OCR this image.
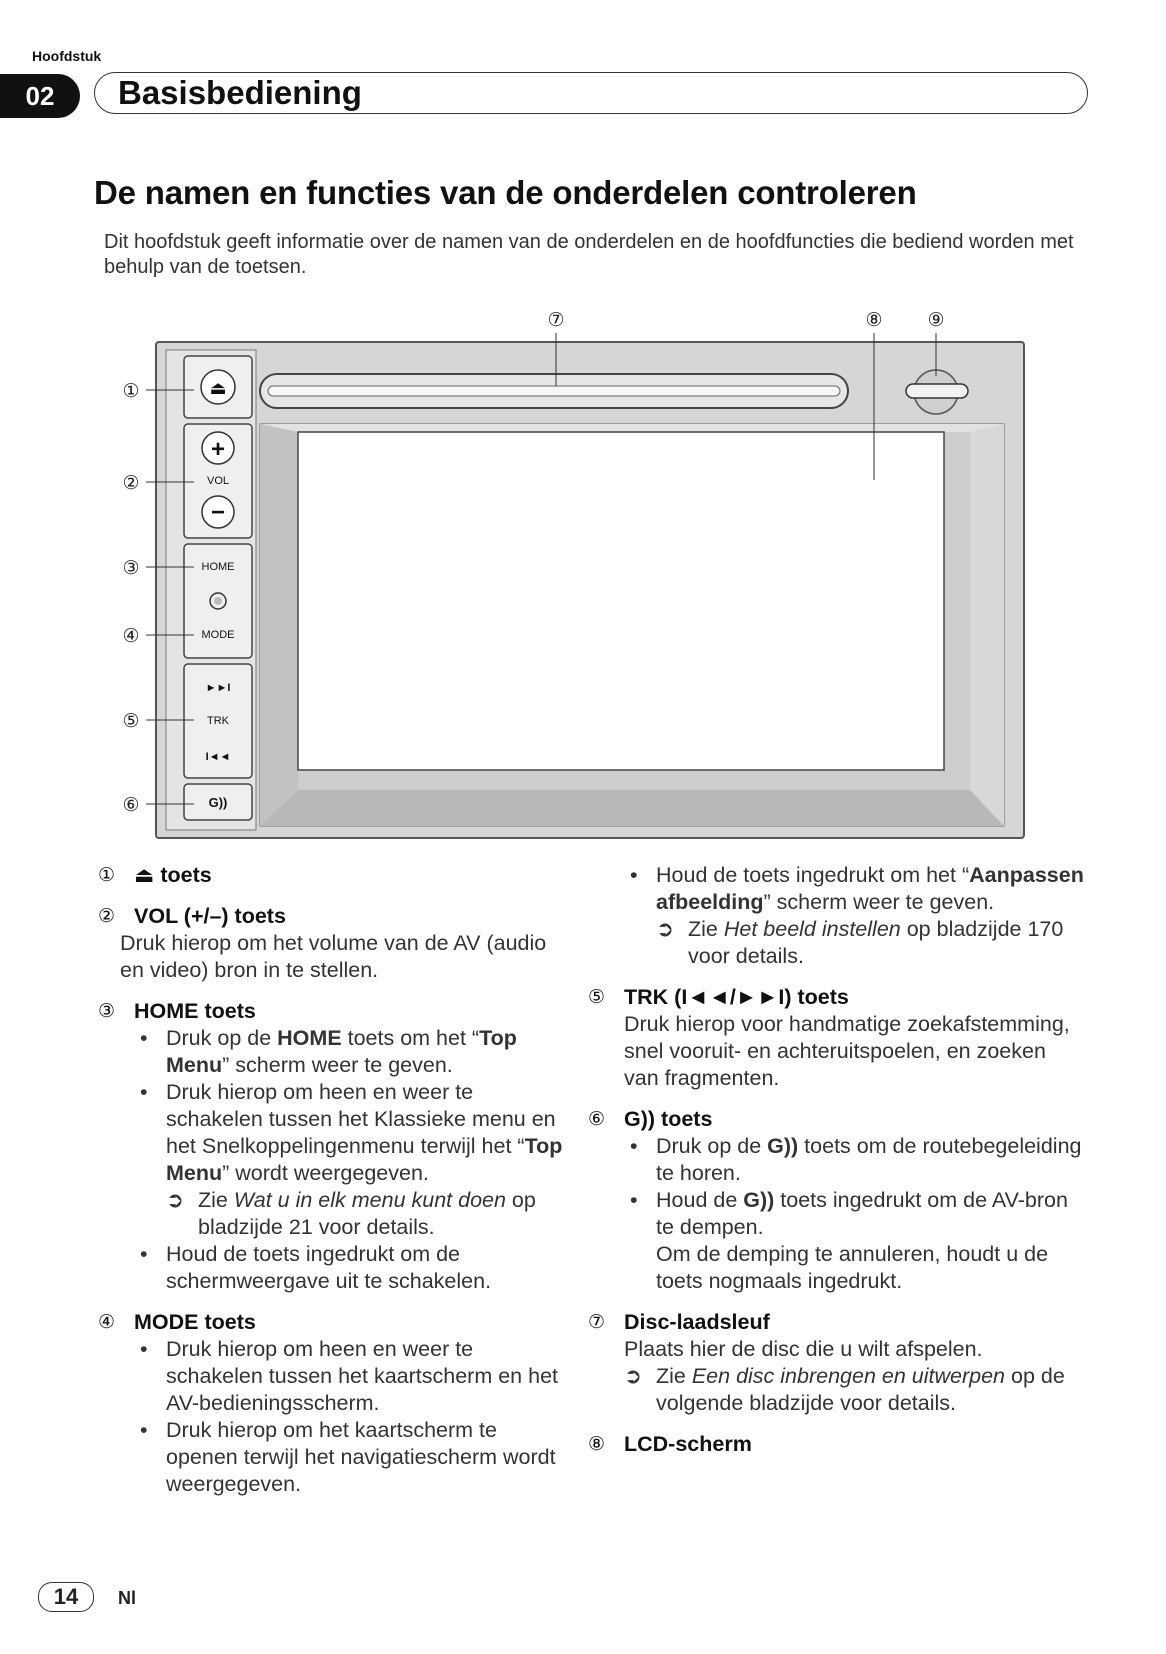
Hoofdstuk
02	Basisbediening
De namen en functies van de onderdelen controleren
Dit hoofdstuk geeft informatie over de namen van de onderdelen en de hoofdfuncties die bediend worden met behulp van de toetsen.
⏏
+
VOL
−
HOME
MODE
►►I
TRK
I◄◄
G))
①
②
③
④
⑤
⑥
⑦	⑧ ⑨
① ⏏ toets
② VOL (+/–) toets
Druk hierop om het volume van de AV (audio en video) bron in te stellen.
③ HOME toets
• Druk op de HOME toets om het “Top Menu” scherm weer te geven.
• Druk hierop om heen en weer te schakelen tussen het Klassieke menu en het Snelkoppelingenmenu terwijl het “Top Menu” wordt weergegeven.
➲ Zie Wat u in elk menu kunt doen op bladzijde 21 voor details.
• Houd de toets ingedrukt om de schermweergave uit te schakelen.
④ MODE toets
• Druk hierop om heen en weer te schakelen tussen het kaartscherm en het AV-bedieningsscherm.
• Druk hierop om het kaartscherm te openen terwijl het navigatiescherm wordt weergegeven.
• Houd de toets ingedrukt om het “Aanpassen afbeelding” scherm weer te geven.
➲ Zie Het beeld instellen op bladzijde 170 voor details.
⑤ TRK (I◄◄/►►I) toets
Druk hierop voor handmatige zoekafstemming, snel vooruit- en achteruitspoelen, en zoeken van fragmenten.
⑥ G)) toets
• Druk op de G)) toets om de routebegeleiding te horen.
• Houd de G)) toets ingedrukt om de AV-bron te dempen.
Om de demping te annuleren, houdt u de toets nogmaals ingedrukt.
⑦ Disc-laadsleuf
Plaats hier de disc die u wilt afspelen.
➲ Zie Een disc inbrengen en uitwerpen op de volgende bladzijde voor details.
⑧ LCD-scherm
14	Nl
